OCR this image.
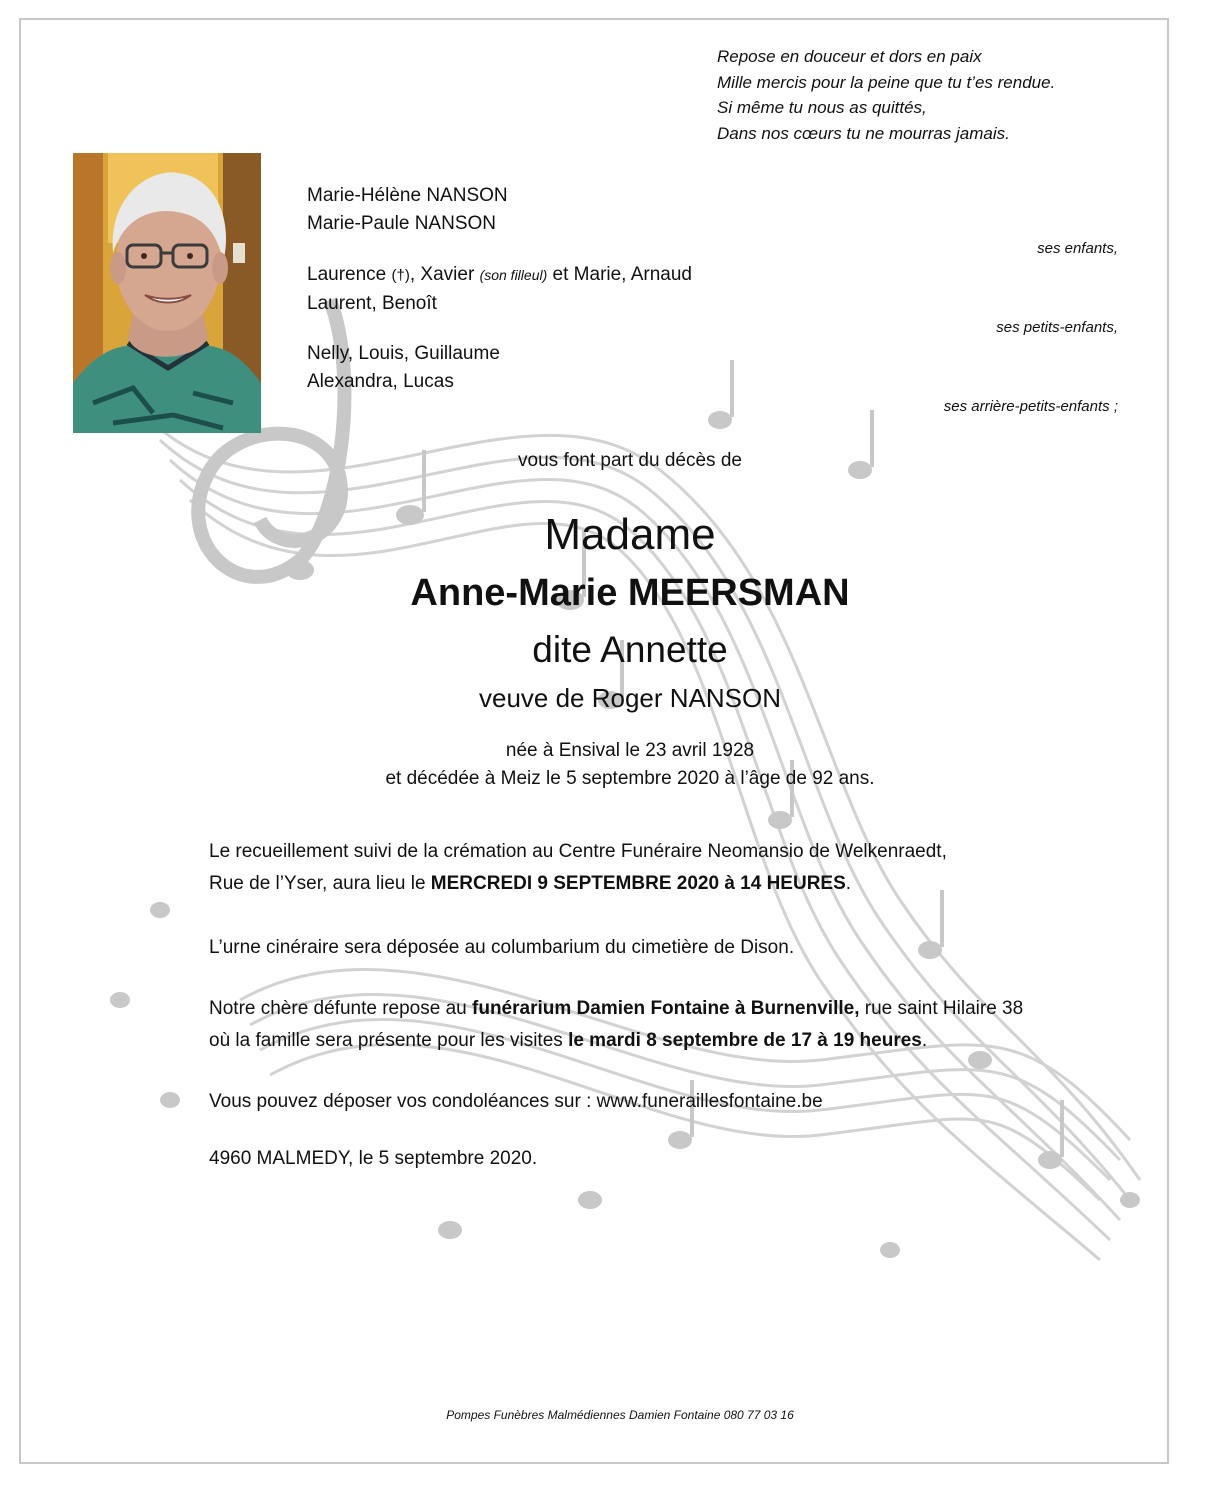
Repose en douceur et dors en paix
Mille mercis pour la peine que tu t’es rendue.
Si même tu nous as quittés,
Dans nos cœurs tu ne mourras jamais.
Marie-Hélène NANSON
Marie-Paule NANSON
ses enfants,
Laurence (†), Xavier (son filleul) et Marie, Arnaud
Laurent, Benoît
ses petits-enfants,
Nelly, Louis, Guillaume
Alexandra, Lucas
ses arrière-petits-enfants ;
vous font part du décès de
Madame
Anne-Marie MEERSMAN
dite Annette
veuve de Roger NANSON
née à Ensival le 23 avril 1928
et décédée à Meiz le 5 septembre 2020 à l’âge de 92 ans.
Le recueillement suivi de la crémation au Centre Funéraire Neomansio de Welkenraedt,
Rue de l’Yser, aura lieu le MERCREDI 9 SEPTEMBRE 2020 à 14 HEURES.
L’urne cinéraire sera déposée au columbarium du cimetière de Dison.
Notre chère défunte repose au funérarium Damien Fontaine à Burnenville, rue saint Hilaire 38
où la famille sera présente pour les visites le mardi 8 septembre de 17 à 19 heures.
Vous pouvez déposer vos condoléances sur : www.funeraillesfontaine.be
4960 MALMEDY, le 5 septembre 2020.
Pompes Funèbres Malmédiennes Damien Fontaine 080 77 03 16
